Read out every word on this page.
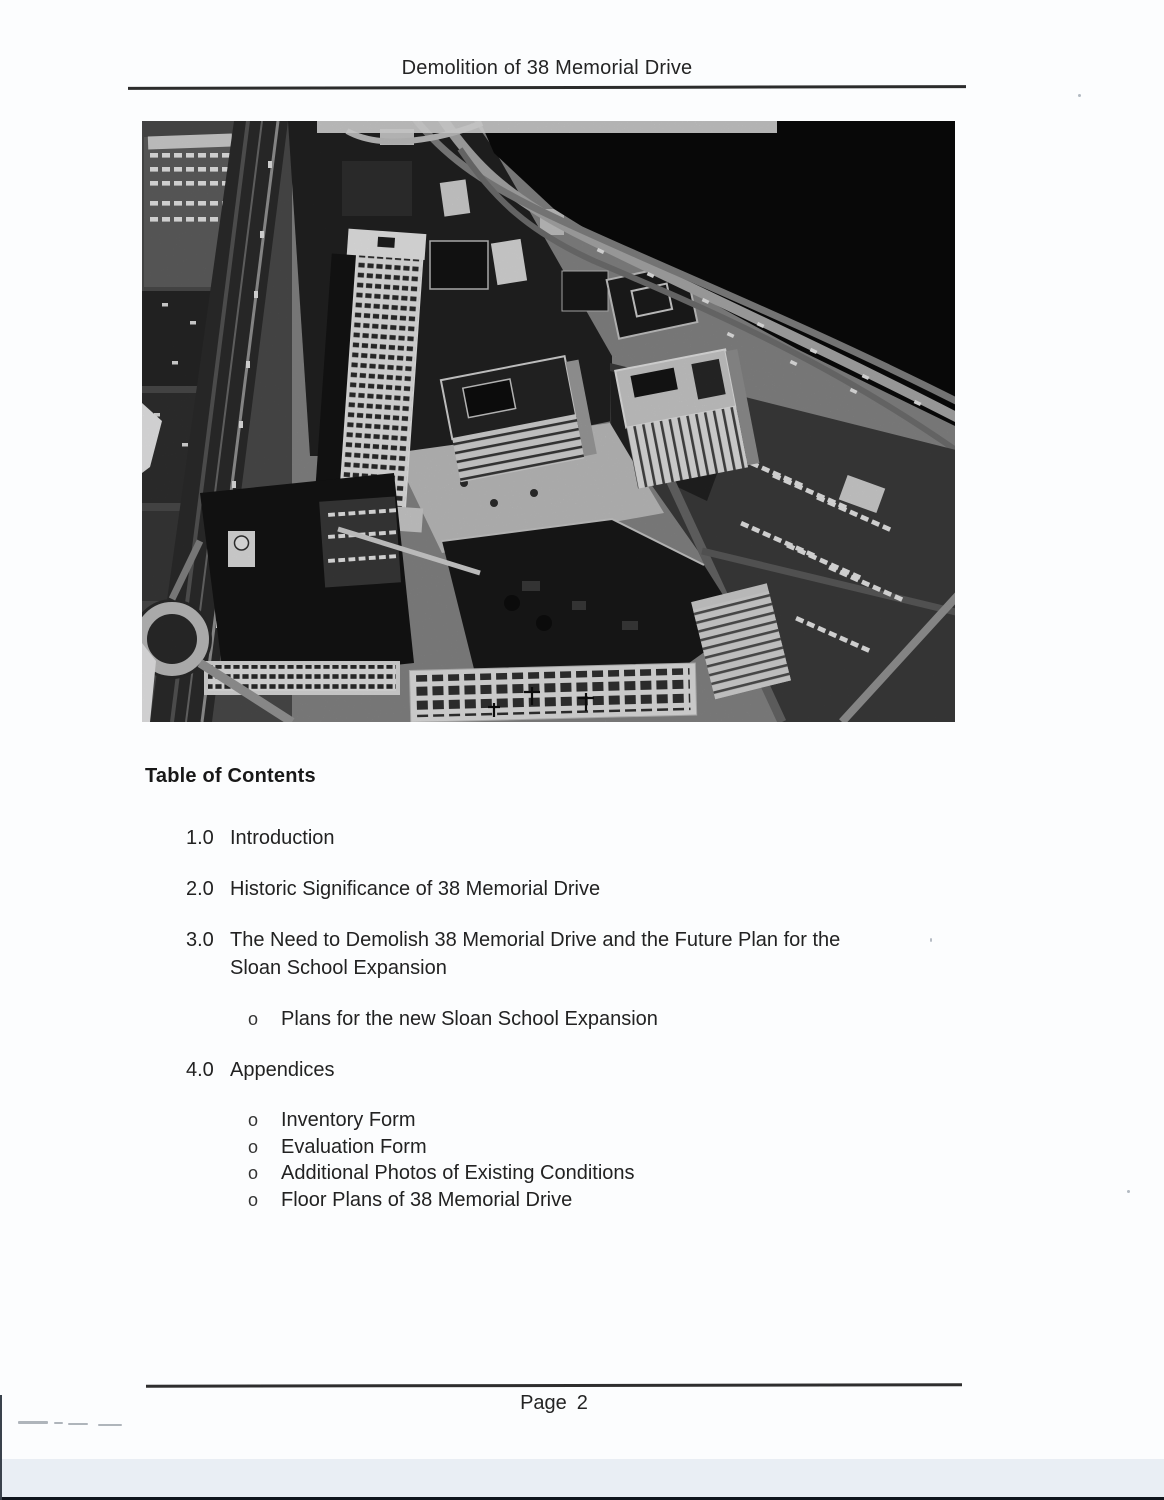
Demolition of 38 Memorial Drive
Table of Contents
1.0 Introduction
2.0 Historic Significance of 38 Memorial Drive
3.0 The Need to Demolish 38 Memorial Drive and the Future Plan for the
Sloan School Expansion
o Plans for the new Sloan School Expansion
4.0 Appendices
o Inventory Form
o Evaluation Form
o Additional Photos of Existing Conditions
o Floor Plans of 38 Memorial Drive
Page 2
